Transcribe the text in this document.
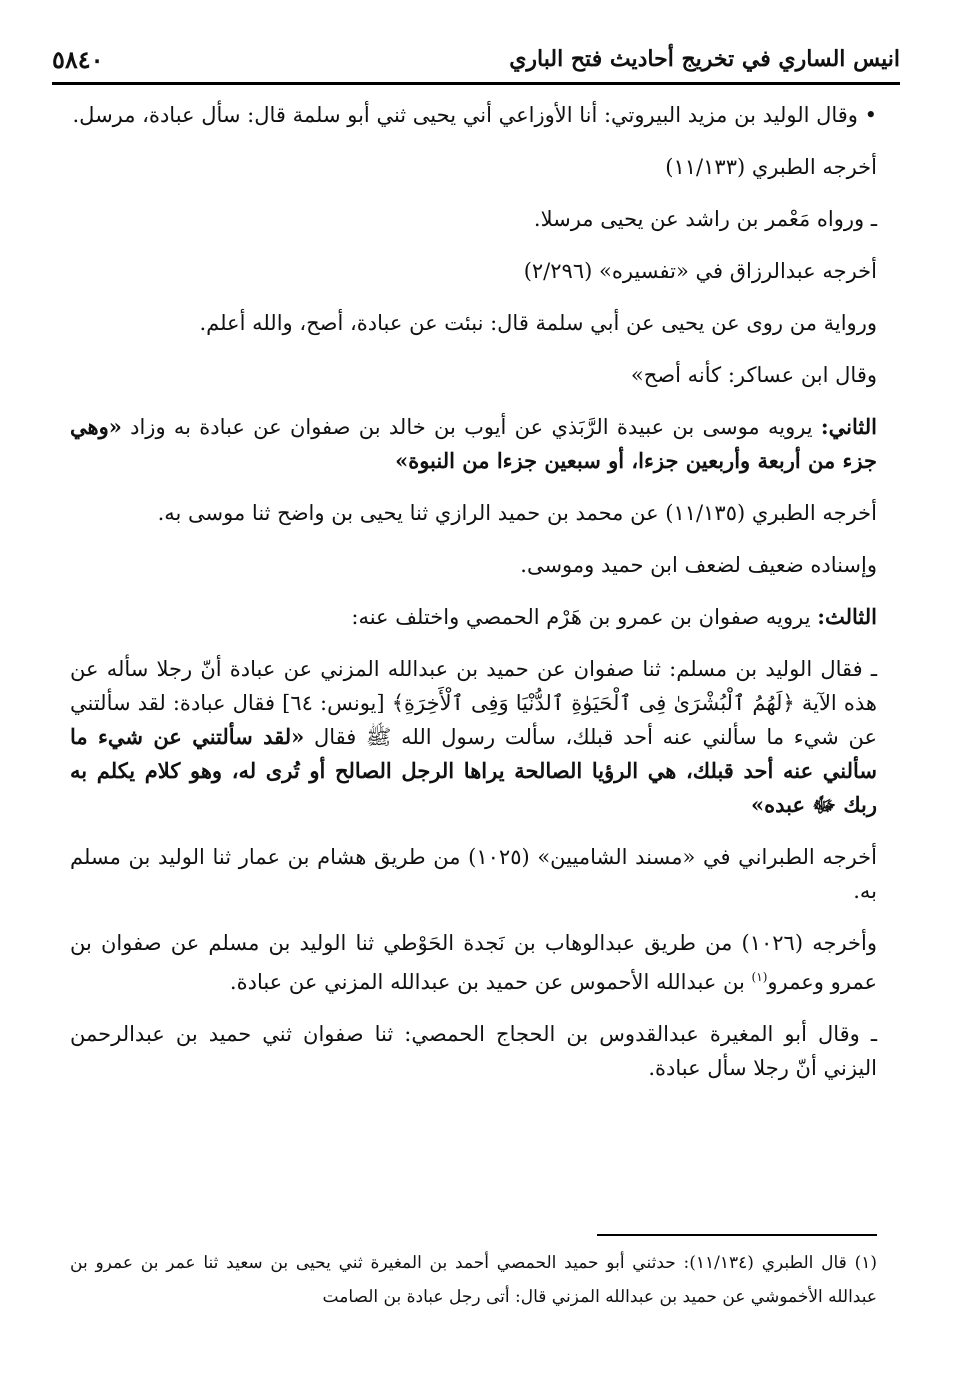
انيس الساري في تخريج أحاديث فتح الباري
٥٨٤٠

• وقال الوليد بن مزيد البيروتي: أنا الأوزاعي أني يحيى ثني أبو سلمة قال: سأل عبادة، مرسل.

أخرجه الطبري (١١/١٣٣)

ـ ورواه مَعْمر بن راشد عن يحيى مرسلا.

أخرجه عبدالرزاق في «تفسيره» (٢/٢٩٦)

ورواية من روى عن يحيى عن أبي سلمة قال: نبئت عن عبادة، أصح، والله أعلم.

وقال ابن عساكر: كأنه أصح»

الثاني: يرويه موسى بن عبيدة الرَّبَذي عن أيوب بن خالد بن صفوان عن عبادة به وزاد «وهي جزء من أربعة وأربعين جزءا، أو سبعين جزءا من النبوة»

أخرجه الطبري (١١/١٣٥) عن محمد بن حميد الرازي ثنا يحيى بن واضح ثنا موسى به.

وإسناده ضعيف لضعف ابن حميد وموسى.

الثالث: يرويه صفوان بن عمرو بن هَرْم الحمصي واختلف عنه:

ـ فقال الوليد بن مسلم: ثنا صفوان عن حميد بن عبدالله المزني عن عبادة أنّ رجلا سأله عن هذه الآية ﴿لَهُمُ ٱلْبُشْرَىٰ فِى ٱلْحَيَوٰةِ ٱلدُّنْيَا وَفِى ٱلْأَخِرَةِ﴾ [يونس: ٦٤] فقال عبادة: لقد سألتني عن شيء ما سألني عنه أحد قبلك، سألت رسول الله ﷺ فقال «لقد سألتني عن شيء ما سألني عنه أحد قبلك، هي الرؤيا الصالحة يراها الرجل الصالح أو تُرى له، وهو كلام يكلم به ربك ﷻ عبده»

أخرجه الطبراني في «مسند الشاميين» (١٠٢٥) من طريق هشام بن عمار ثنا الوليد بن مسلم به.

وأخرجه (١٠٢٦) من طريق عبدالوهاب بن نَجدة الحَوْطي ثنا الوليد بن مسلم عن صفوان بن عمرو وعمرو$^{(١)}$ بن عبدالله الأحموس عن حميد بن عبدالله المزني عن عبادة.

ـ وقال أبو المغيرة عبدالقدوس بن الحجاج الحمصي: ثنا صفوان ثني حميد بن عبدالرحمن اليزني أنّ رجلا سأل عبادة.

(١) قال الطبري (١١/١٣٤): حدثني أبو حميد الحمصي أحمد بن المغيرة ثني يحيى بن سعيد ثنا عمر بن عمرو بن عبدالله الأخموشي عن حميد بن عبدالله المزني قال: أتى رجل عبادة بن الصامت
